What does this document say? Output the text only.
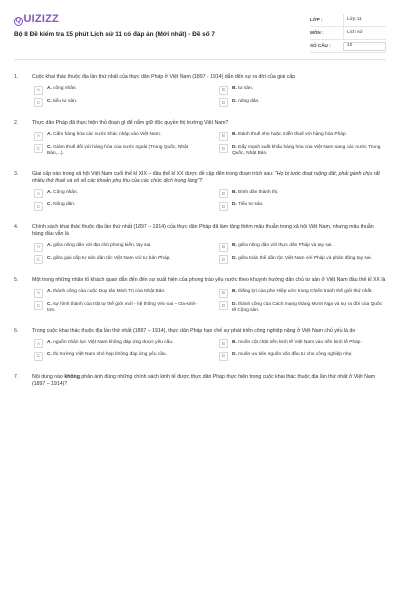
Q UIZIZZ
Bộ 8 Đề kiểm tra 15 phút Lịch sử 11 có đáp án (Mới nhất) - Đề số 7
LỚP :	Lớp 11
MÔN :	Lịch sử
SỐ CÂU :	10
1.	Cuộc khai thác thuộc địa lần thứ nhất của thực dân Pháp ở Việt Nam (1897 - 1914) dẫn đến sự ra đời của giai cấp
A	A. công nhân.	B	B. tư sản.
C	C. tiểu tư sản.	D	D. nông dân.
2.	Thực dân Pháp đã thực hiện thủ đoạn gì để nắm giữ độc quyền thị trường Việt Nam?
A	A. Cấm hàng hóa các nước khác nhập vào Việt Nam.	B	B. Đánh thuế nhẹ hoặc miễn thuế với hàng hóa Pháp.
C	C. Giảm thuế đối với hàng hóa của nước ngoài (Trung Quốc, Nhật Bản,...).
D	D. Đẩy mạnh xuất khẩu hàng hóa của Việt Nam sang các nước Trung Quốc, Nhật Bản.
3.	Giai cấp nào trong xã hội Việt Nam cuối thế kỉ XIX – đầu thế kỉ XX được đề cập đến trong đoạn trích sau: "Họ bị tước đoạt ruộng đất, phải gánh chịu rất nhiều thứ thuế và vô số các khoản phụ thu của các chức dịch trong làng"?
A	A. Công nhân.	B	B. Bình dân thành thị.
C	C. Nông dân.	D	D. Tiểu tư sản.
4.	Chính sách khai thác thuộc địa lần thứ nhất (1897 – 1914) của thực dân Pháp đã làm tăng thêm mâu thuẫn trong xã hội Việt Nam, nhưng mâu thuẫn hàng đầu vẫn là
A	A. giữa nông dân với địa chủ phong kiến, tay sai.	B	B. giữa nông dân với thực dân Pháp và tay sai.
C	C. giữa giai cấp tư sản dân tộc Việt Nam với tư bản Pháp.	D	D. giữa toàn thể dân tộc Việt Nam với Pháp và phản động tay sai.
5.	Một trong những nhân tố khách quan dẫn đến đến sự xuất hiện của phong trào yêu nước theo khuynh hướng dân chủ tư sản ở Việt Nam đầu thế kỉ XX là
A	A. thành công của cuộc Duy tân Minh Trị của Nhật Bản.	B	B. thắng lợi của phe Hiệp ước trong Chiến tranh thế giới thứ nhất.
C	C. sự hình thành của trật tự thế giới mới - hệ thống Véc-xai – Oa-sinh-tơn.
D	D. thành công của Cách mạng tháng Mười Nga và sự ra đời của Quốc tế Cộng sản.
6.	Trong cuộc khai thác thuộc địa lần thứ nhất (1897 – 1914), thực dân Pháp hạn chế sự phát triển công nghiệp nặng ở Việt Nam chủ yếu là do
A	A. nguồn nhân lực Việt Nam không đáp ứng được yêu cầu.	B	B. muốn cột chặt nền kinh tế Việt Nam vào nền kinh tế Pháp.
C	C. thị trường Việt Nam nhỏ hẹp không đáp ứng yêu cầu.	D	D. muốn ưu tiên nguồn vốn đầu tư cho công nghiệp nhẹ.
7.	Nội dung nào không phản ánh đúng những chính sách kinh tế được thực dân Pháp thực hiện trong cuộc khai thác thuộc địa lần thứ nhất ở Việt Nam (1897 – 1914)?
